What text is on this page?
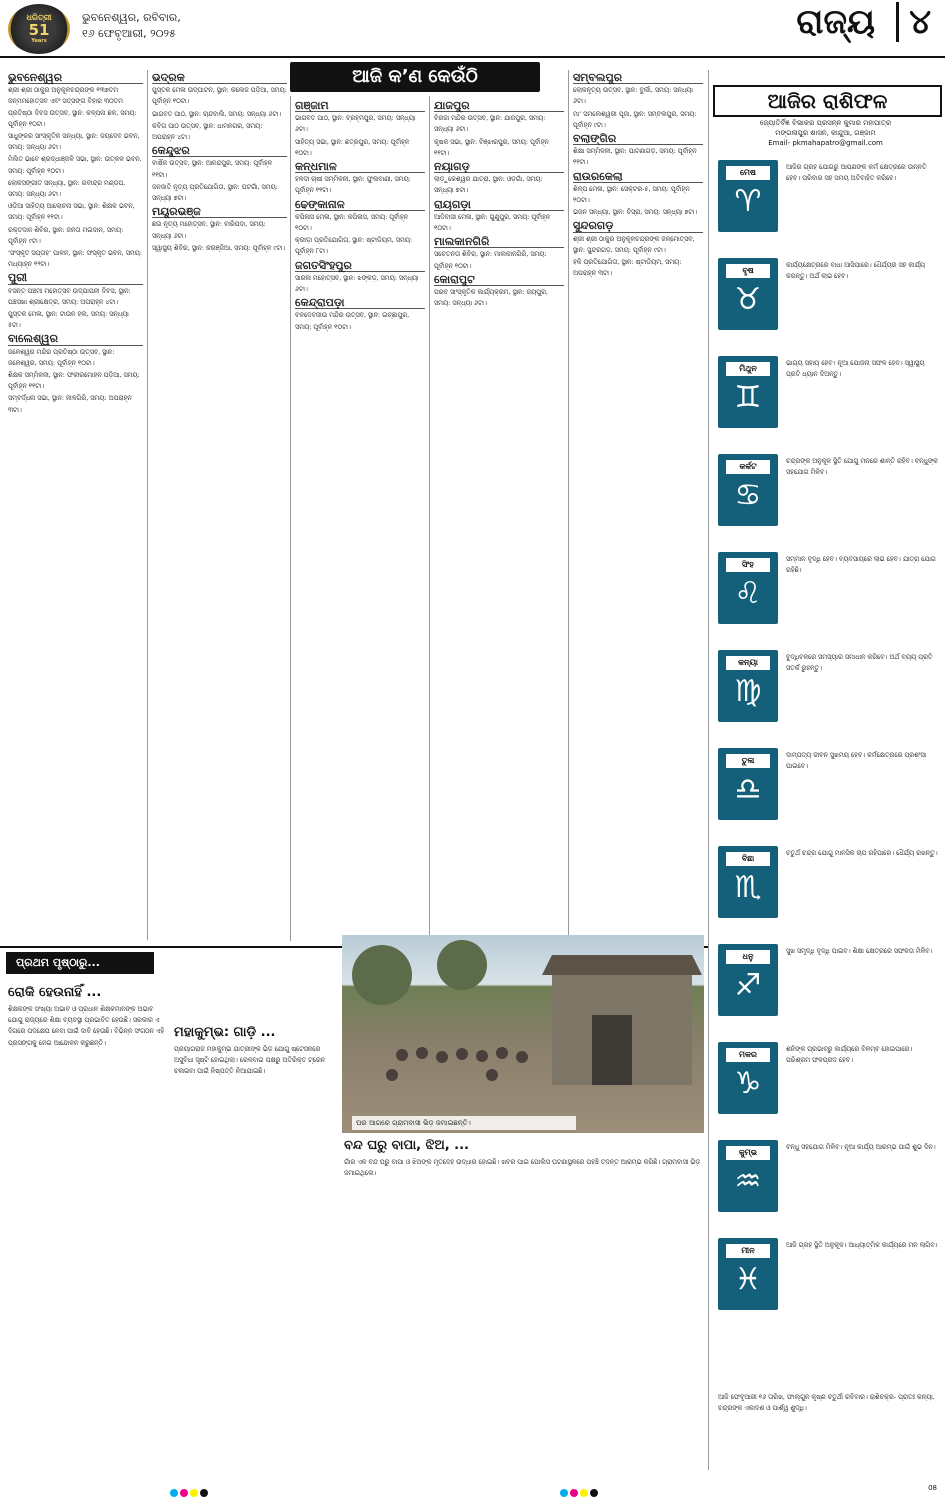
ଧରିତ୍ରୀ
51
Years
ଭୁବନେଶ୍ୱର, ରବିବାର,
୧୬ ଫେବୃଆରୀ, ୨୦୨୫	ରାଜ୍ୟ	୪
ଆଜି କ’ଣ କେଉଁଠି
ଭୁବନେଶ୍ୱର

ଶ୍ରୀ ଶ୍ରୀ ଠାକୁର ଅନୁକୂଳଚନ୍ଦ୍ରଙ୍କ ୧୩୭ତମ ଜନ୍ମମହୋତ୍ସବ ଏବଂ ସତ୍‌ସଙ୍ଗ ବିହାର ୩୦ତମ ପ୍ରତିଷ୍ଠା ଦିବସ ଉତ୍ସବ, ସ୍ଥାନ: କଳ୍ପନା ଛକ, ସମୟ: ପୂର୍ବାହ୍ନ ୧୦ଟା।

ସାଧୁଙ୍କର ସାଂସ୍କୃତିକ ସନ୍ଧ୍ୟା, ସ୍ଥାନ: ଜୟଦେବ ଭବନ, ସମୟ: ସନ୍ଧ୍ୟା ୬ଟା।

ମିଲିତ ଭାବେ ଶ୍ରଦ୍ଧାଞ୍ଜଳି ସଭା, ସ୍ଥାନ: ଉତ୍କଳ ଭବନ, ସମୟ: ପୂର୍ବାହ୍ନ ୧୦ଟା।

ଲୋକସଙ୍ଗୀତ ସନ୍ଧ୍ୟା, ସ୍ଥାନ: ରବୀନ୍ଦ୍ର ମଣ୍ଡପ, ସମୟ: ସନ୍ଧ୍ୟା ୬ଟା।

ଓଡ଼ିଆ ସାହିତ୍ୟ ଆଲୋଚନା ସଭା, ସ୍ଥାନ: ଶିକ୍ଷକ ଭବନ, ସମୟ: ପୂର୍ବାହ୍ନ ୧୧ଟା।

ରକ୍ତଦାନ ଶିବିର, ସ୍ଥାନ: ଜନତା ମଇଦାନ, ସମୟ: ପୂର୍ବାହ୍ନ ୯ଟା।

‘ସଂସ୍କୃତ ସପ୍ତାହ’ ପାଳନ, ସ୍ଥାନ: ସଂସ୍କୃତ ଭବନ, ସମୟ: ମଧ୍ୟାହ୍ନ ୧୨ଟା।

ପୁରୀ

ବସନ୍ତ ପଞ୍ଚମୀ ମହୋତ୍ସବ ଉଦ୍‌ଯାପନୀ ଦିବସ, ସ୍ଥାନ: ପଞ୍ଚସଖା ଶ୍ରୀକ୍ଷେତ୍ର, ସମୟ: ଅପରାହ୍ନ ୪ଟା।

ପୁସ୍ତକ ମେଳା, ସ୍ଥାନ: ଟାଉନ ହଲ, ସମୟ: ସନ୍ଧ୍ୟା ୫ଟା।

ବାଲେଶ୍ୱର

ଜଳେଶ୍ୱର ମନ୍ଦିର ପ୍ରତିଷ୍ଠା ଉତ୍ସବ, ସ୍ଥାନ: ଜଳେଶ୍ୱର, ସମୟ: ପୂର୍ବାହ୍ନ ୧୦ଟା।

ଶିକ୍ଷକ ସମ୍ମିଳନୀ, ସ୍ଥାନ: ଫକୀରମୋହନ ପଡ଼ିଆ, ସମୟ: ପୂର୍ବାହ୍ନ ୧୧ଟା।

ସମ୍ବର୍ଦ୍ଧନା ସଭା, ସ୍ଥାନ: ନୀଳଗିରି, ସମୟ: ଅପରାହ୍ନ ୩ଟା।

ଭଦ୍ରକ

ପୁସ୍ତକ ମେଳା ଉଦ୍‌ଘାଟନ, ସ୍ଥାନ: କଲେଜ ପଡ଼ିଆ, ସମୟ: ପୂର୍ବାହ୍ନ ୧୦ଟା।

ଭାଗବତ ପାଠ, ସ୍ଥାନ: ଚାନ୍ଦବାଲି, ସମୟ: ସନ୍ଧ୍ୟା ୬ଟା।

କବିତା ପାଠ ଉତ୍ସବ, ସ୍ଥାନ: ଧାମନଗର, ସମୟ: ଅପରାହ୍ନ ୪ଟା।

କେନ୍ଦୁଝର

ବାର୍ଷିକ ଉତ୍ସବ, ସ୍ଥାନ: ଆନନ୍ଦପୁର, ସମୟ: ପୂର୍ବାହ୍ନ ୧୧ଟା।

ଜନଜାତି ନୃତ୍ୟ ପ୍ରତିଯୋଗିତା, ସ୍ଥାନ: ଘଟଗାଁ, ସମୟ: ସନ୍ଧ୍ୟା ୭ଟା।

ମୟୂରଭଞ୍ଜ

ଛଉ ନୃତ୍ୟ ମହୋତ୍ସବ, ସ୍ଥାନ: ବାରିପଦା, ସମୟ: ସନ୍ଧ୍ୟା ୬ଟା।

ସ୍ୱାସ୍ଥ୍ୟ ଶିବିର, ସ୍ଥାନ: କରଞ୍ଜିଆ, ସମୟ: ପୂର୍ବାହ୍ନ ୯ଟା।

ଗଞ୍ଜାମ

ଭାଗବତ ପାଠ, ସ୍ଥାନ: ବ୍ରହ୍ମପୁର, ସମୟ: ସନ୍ଧ୍ୟା ୬ଟା।

ସାହିତ୍ୟ ସଭା, ସ୍ଥାନ: ଛତ୍ରପୁର, ସମୟ: ପୂର୍ବାହ୍ନ ୧୦ଟା।

କନ୍ଧମାଳ

ହଳଦୀ ଚାଷୀ ସମ୍ମିଳନୀ, ସ୍ଥାନ: ଫୁଲବାଣୀ, ସମୟ: ପୂର୍ବାହ୍ନ ୧୧ଟା।

ଢେଙ୍କାନାଳ

କପିଳାସ ମେଳା, ସ୍ଥାନ: କପିଳାସ, ସମୟ: ପୂର୍ବାହ୍ନ ୧୦ଟା।

କ୍ରୀଡ଼ା ପ୍ରତିଯୋଗିତା, ସ୍ଥାନ: ଷ୍ଟାଡିୟମ, ସମୟ: ପୂର୍ବାହ୍ନ ୮ଟା।

ଜଗତସିଂହପୁର

ସାରଳା ମହୋତ୍ସବ, ସ୍ଥାନ: ଝଙ୍କଡ଼, ସମୟ: ସନ୍ଧ୍ୟା ୬ଟା।

କେନ୍ଦ୍ରାପଡ଼ା

ବଳଦେବଜୀଉ ମନ୍ଦିର ଉତ୍ସବ, ସ୍ଥାନ: ଇଚ୍ଛାପୁର, ସମୟ: ପୂର୍ବାହ୍ନ ୧୦ଟା।

ଯାଜପୁର

ବିରଜା ମନ୍ଦିର ଉତ୍ସବ, ସ୍ଥାନ: ଯାଜପୁର, ସମୟ: ସନ୍ଧ୍ୟା ୬ଟା।

କୃଷକ ସଭା, ସ୍ଥାନ: ବିଞ୍ଝାରପୁର, ସମୟ: ପୂର୍ବାହ୍ନ ୧୧ଟା।

ନୟାଗଡ଼

ଲାଡ଼ୁକେଶ୍ୱର ଯାତ୍ରା, ସ୍ଥାନ: ଓଡ଼ଗାଁ, ସମୟ: ସନ୍ଧ୍ୟା ୭ଟା।

ରାୟଗଡ଼ା

ଆଦିବାସୀ ମେଳା, ସ୍ଥାନ: ଗୁଣୁପୁର, ସମୟ: ପୂର୍ବାହ୍ନ ୧୦ଟା।

ମାଲକାନଗିରି

ସଚେତନତା ଶିବିର, ସ୍ଥାନ: ମାଲକାନଗିରି, ସମୟ: ପୂର୍ବାହ୍ନ ୧୦ଟା।

କୋରାପୁଟ

ପରବ ସାଂସ୍କୃତିକ କାର୍ଯ୍ୟକ୍ରମ, ସ୍ଥାନ: ଜୟପୁର, ସମୟ: ସନ୍ଧ୍ୟା ୬ଟା।

ସମ୍ବଲପୁର

ଲୋକନୃତ୍ୟ ଉତ୍ସବ, ସ୍ଥାନ: ବୁର୍ଲା, ସମୟ: ସନ୍ଧ୍ୟା ୬ଟା।

ମା’ ସମଲେଶ୍ୱରୀ ପୂଜା, ସ୍ଥାନ: ସମ୍ବଲପୁର, ସମୟ: ପୂର୍ବାହ୍ନ ୯ଟା।

ବଲାଙ୍ଗିର

ଶିକ୍ଷା ସମ୍ମିଳନୀ, ସ୍ଥାନ: ପାଟଣାଗଡ଼, ସମୟ: ପୂର୍ବାହ୍ନ ୧୧ଟା।

ରାଉରକେଲା

ଶିଳ୍ପ ମେଳା, ସ୍ଥାନ: ସେକ୍ଟର-୫, ସମୟ: ପୂର୍ବାହ୍ନ ୧୦ଟା।

ଭଜନ ସନ୍ଧ୍ୟା, ସ୍ଥାନ: ବିସ୍ରା, ସମୟ: ସନ୍ଧ୍ୟା ୭ଟା।

ସୁନ୍ଦରଗଡ଼

ଶ୍ରୀ ଶ୍ରୀ ଠାକୁର ଅନୁକୂଳଚନ୍ଦ୍ରଙ୍କ ଜନ୍ମୋତ୍ସବ, ସ୍ଥାନ: ସୁନ୍ଦରଗଡ଼, ସମୟ: ପୂର୍ବାହ୍ନ ୯ଟା।

ହକି ପ୍ରତିଯୋଗିତା, ସ୍ଥାନ: ଷ୍ଟାଡିୟମ, ସମୟ: ଅପରାହ୍ନ ୩ଟା।

ଆଜିର ରାଶିଫଳ
ଜ୍ୟୋତିର୍ବିଜ୍ଞ ବିଭାକର ପ୍ରସନ୍ନ କୁମାର ମହାପାତ୍ର
ମଙ୍ଗଳାପୁର ଶାସନ, କାନ୍ଦୁଆ, ଗଞ୍ଜାମ
Email- pkmahapatro@gmail.com
ମେଷ
♈
ଆଜିର ଗ୍ରହ ଯୋଗରୁ ଆପଣଙ୍କ କର୍ମ କ୍ଷେତ୍ରରେ ଉନ୍ନତି ହେବ। ପରିବାର ସହ ସମୟ ଅତିବାହିତ କରିବେ।
ବୃଷ
♉
କାର୍ଯ୍ୟକ୍ଷେତ୍ରରେ ବାଧା ଆସିପାରେ। ଧୈର୍ଯ୍ୟର ସହ କାର୍ଯ୍ୟ କରନ୍ତୁ। ଅର୍ଥ ଲାଭ ହେବ।
ମିଥୁନ
♊
ଭାଗ୍ୟ ସହାୟ ହେବ। ନୂଆ ଯୋଜନା ସଫଳ ହେବ। ସ୍ୱାସ୍ଥ୍ୟ ପ୍ରତି ଧ୍ୟାନ ଦିଅନ୍ତୁ।
କର୍କଟ
♋
ଚନ୍ଦ୍ରଙ୍କ ଅନୁକୂଳ ସ୍ଥିତି ଯୋଗୁ ମନରେ ଶାନ୍ତି ରହିବ। ବନ୍ଧୁଙ୍କ ସହଯୋଗ ମିଳିବ।
ସିଂହ
♌
ସମ୍ମାନ ବୃଦ୍ଧି ହେବ। ବ୍ୟବସାୟରେ ଲାଭ ହେବ। ଯାତ୍ରା ଯୋଗ ରହିଛି।
କନ୍ୟା
♍
ବୁଦ୍ଧିବଳରେ ସମସ୍ୟାର ସମାଧାନ କରିବେ। ଅର୍ଥ ବ୍ୟୟ ପ୍ରତି ସତର୍କ ରୁହନ୍ତୁ।
ତୁଳା
♎
ଦାମ୍ପତ୍ୟ ଜୀବନ ସୁଖମୟ ହେବ। କର୍ମକ୍ଷେତ୍ରରେ ପ୍ରଶଂସା ପାଇବେ।
ବିଛା
♏
ଚତୁର୍ଥ ଚନ୍ଦ୍ର ଯୋଗୁ ମାନସିକ ଚାପ ରହିପାରେ। ଧୈର୍ଯ୍ୟ ରଖନ୍ତୁ।
ଧନୁ
♐
ସୁଖ ସମୃଦ୍ଧି ବୃଦ୍ଧି ପାଇବ। ଶିକ୍ଷା କ୍ଷେତ୍ରରେ ସଫଳତା ମିଳିବ।
ମକର
♑
ଶନିଙ୍କ ପ୍ରଭାବରୁ କାର୍ଯ୍ୟରେ ବିଳମ୍ବ ହୋଇପାରେ। ପରିଶ୍ରମ ଫଳପ୍ରଦ ହେବ।
କୁମ୍ଭ
♒
ବନ୍ଧୁ ସହଯୋଗ ମିଳିବ। ନୂଆ କାର୍ଯ୍ୟ ଆରମ୍ଭ ପାଇଁ ଶୁଭ ଦିନ।
ମୀନ
♓
ଆଜି ଗ୍ରହ ସ୍ଥିତି ଅନୁକୂଳ। ଆଧ୍ୟାତ୍ମିକ କାର୍ଯ୍ୟରେ ମନ ଲାଗିବ।
ଆଜି ଫେବୃଆରୀ ୧୬ ତାରିଖ, ଫାଲ୍‌ଗୁନ କୃଷ୍ଣ ଚତୁର୍ଥୀ ରବିବାର। ରାଶିଚକ୍ର- ପ୍ରାତଃ କନ୍ୟା, ଚନ୍ଦ୍ରଙ୍କ ଏକାଦଶ ଓ ପାର୍ଶ୍ୱ ଶୁଦ୍ଧି।
ପ୍ରଥମ ପୃଷ୍ଠାରୁ...
ରୋକି ହେଉନାହିଁ ...
ଶିକ୍ଷକଙ୍କ ସଂଖ୍ୟା ଅଭାବ ଓ ପ୍ରଧାନ ଶିକ୍ଷକମାନଙ୍କ ଅଭାବ ଯୋଗୁ ରାଜ୍ୟରେ ଶିକ୍ଷା ବ୍ୟବସ୍ଥା ପ୍ରଭାବିତ ହେଉଛି। ସରକାର ଏ ଦିଗରେ ପଦକ୍ଷେପ ନେବା ପାଇଁ ଦାବି ହେଉଛି। ବିଭିନ୍ନ ସଂଗଠନ ଏହି ପ୍ରସଙ୍ଗକୁ ନେଇ ଆନ୍ଦୋଳନ କରୁଛନ୍ତି।
ମହାକୁମ୍ଭ: ଗାଡ଼ି ...
ପ୍ରୟାଗରାଜ ମହାକୁମ୍ଭ ଯାତ୍ରୀଙ୍କ ଭିଡ଼ ଯୋଗୁ ଷ୍ଟେସନରେ ଅସୁବିଧା ସୃଷ୍ଟି ହୋଇଥିଲା। ରେଳବାଇ ପକ୍ଷରୁ ଅତିରିକ୍ତ ଟ୍ରେନ ଚଳାଇବା ପାଇଁ ନିଷ୍ପତ୍ତି ନିଆଯାଇଛି।
ଘର ଆଗରେ ଗ୍ରାମବାସୀ ଭିଡ଼ ଜମାଇଛନ୍ତି।
ବନ୍ଦ ଘରୁ ବାପା, ଝିଅ, ...
ଗାଁର ଏକ ବନ୍ଦ ଘରୁ ବାପା ଓ ଝିଅଙ୍କ ମୃତଦେହ ଉଦ୍ଧାର ହୋଇଛି। ଖବର ପାଇ ପୋଲିସ ଘଟଣାସ୍ଥଳରେ ପହଞ୍ଚି ତଦନ୍ତ ଆରମ୍ଭ କରିଛି। ଗ୍ରାମବାସୀ ଭିଡ଼ ଜମାଇଥିଲେ।
08
